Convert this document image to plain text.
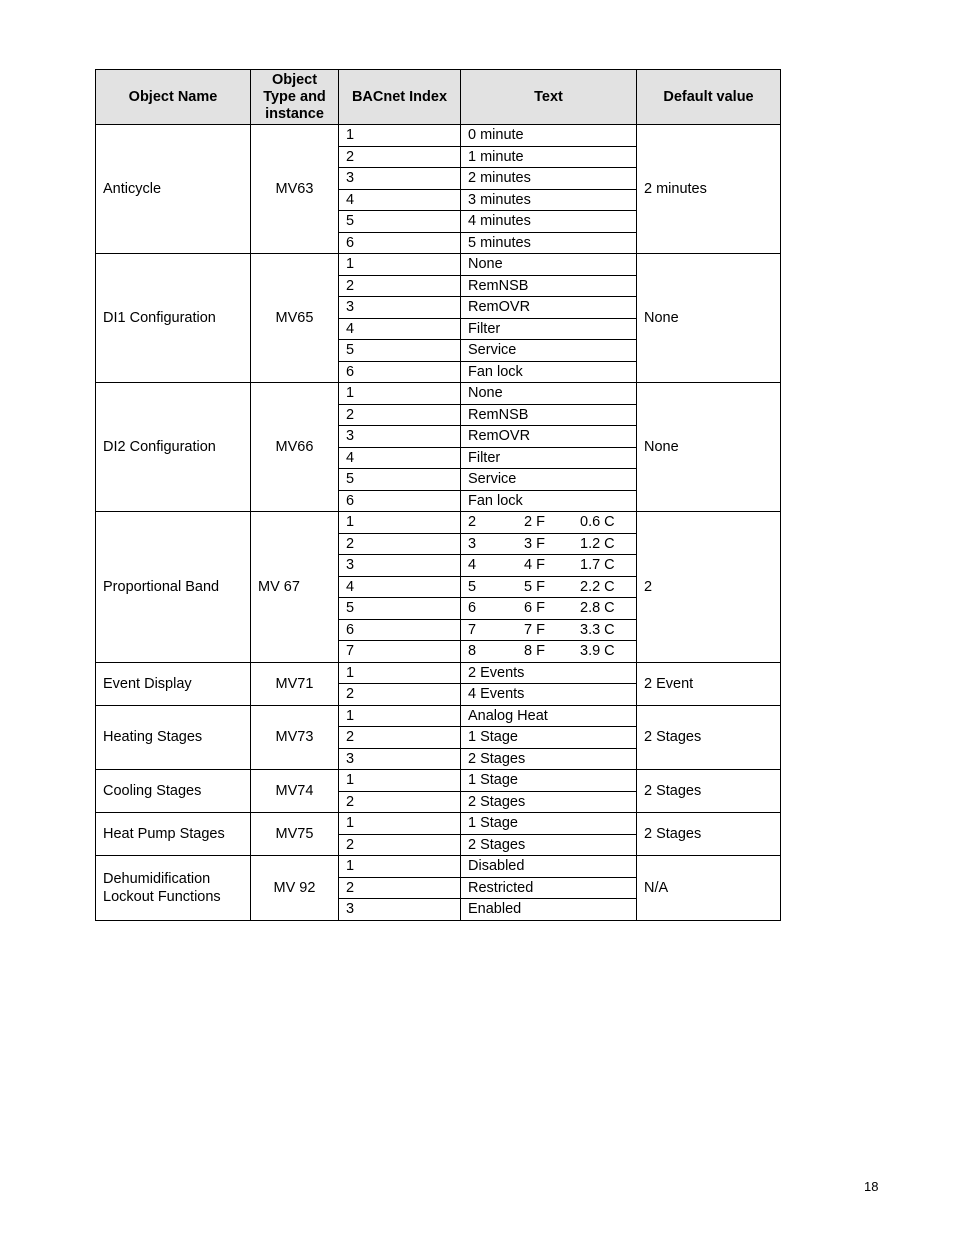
Object Name	Object
Type and
instance	BACnet Index	Text	Default value
Anticycle	MV63	1	0 minute	2 minutes
		2	1 minute	
		3	2 minutes	
		4	3 minutes	
		5	4 minutes	
		6	5 minutes	
DI1 Configuration	MV65	1	None	None
		2	RemNSB	
		3	RemOVR	
		4	Filter	
		5	Service	
		6	Fan lock	
DI2 Configuration	MV66	1	None	None
		2	RemNSB	
		3	RemOVR	
		4	Filter	
		5	Service	
		6	Fan lock	
Proportional Band	MV 67	1	2 2 F 0.6 C	2
		2	3 3 F 1.2 C	
		3	4 4 F 1.7 C	
		4	5 5 F 2.2 C	
		5	6 6 F 2.8 C	
		6	7 7 F 3.3 C	
		7	8 8 F 3.9 C	
Event Display	MV71	1	2 Events	2 Event
		2	4 Events	
Heating Stages	MV73	1	Analog Heat	2 Stages
		2	1 Stage	
		3	2 Stages	
Cooling Stages	MV74	1	1 Stage	2 Stages
		2	2 Stages	
Heat Pump Stages	MV75	1	1 Stage	2 Stages
		2	2 Stages	

Dehumidification
Lockout Functions	MV 92	1	Disabled	N/A
		2	Restricted	
		3	Enabled	
18
